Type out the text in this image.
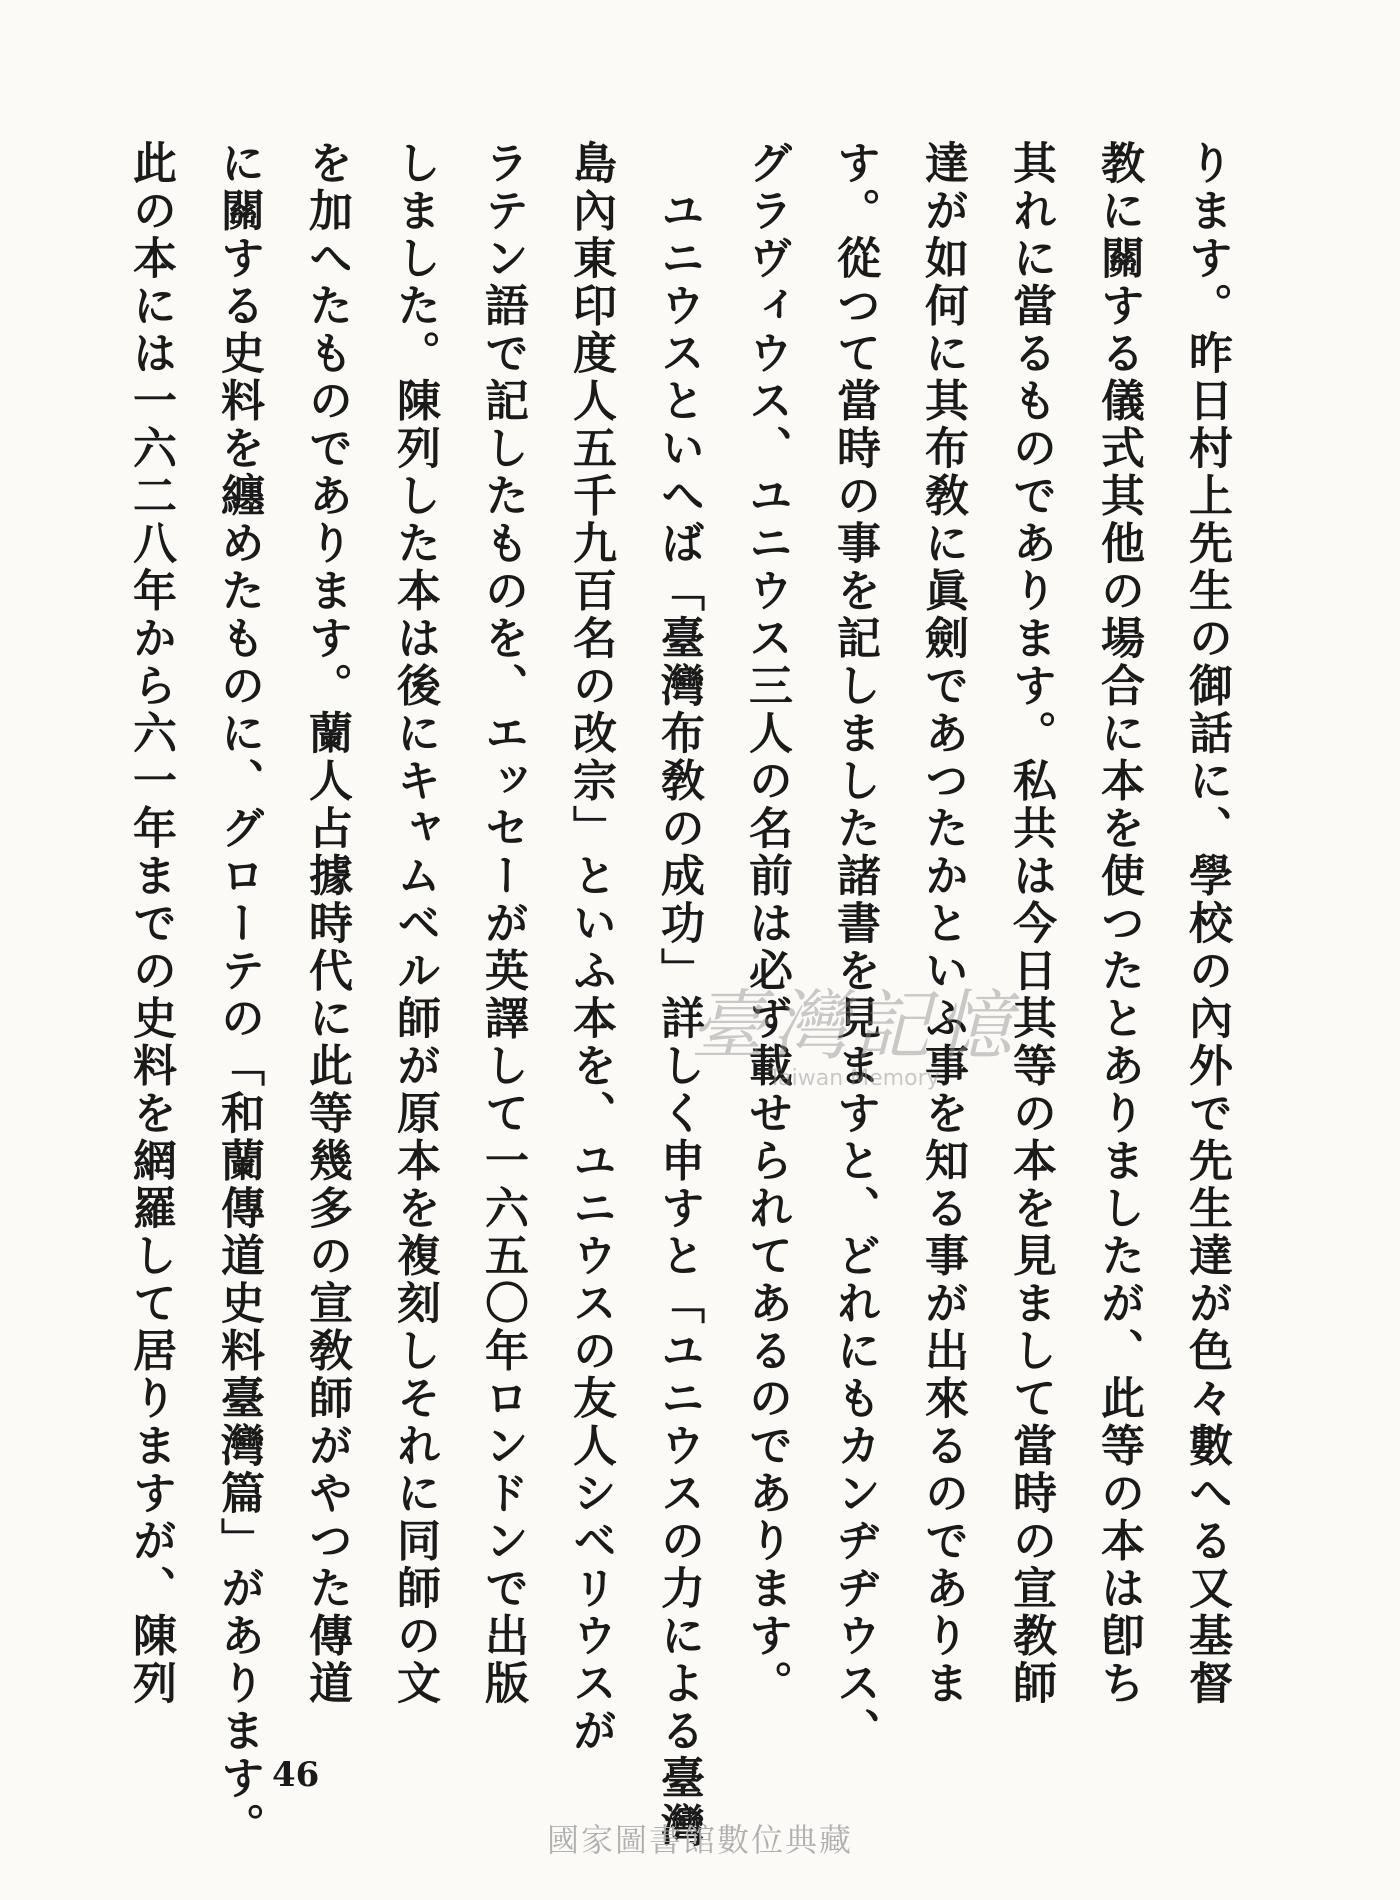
ります。昨日村上先生の御話に、學校の內外で先生達が色々數へる又基督
教に關する儀式其他の場合に本を使つたとありましたが、此等の本は卽ち
其れに當るものであります。私共は今日其等の本を見まして當時の宣教師
達が如何に其布敎に眞劍であつたかといふ事を知る事が出來るのでありま
す。從つて當時の事を記しました諸書を見ますと、どれにもカンヂヂウス、
グラヴィウス、ユニウス三人の名前は必ず載せられてあるのであります。
　ユニウスといへば「臺灣布敎の成功」詳しく申すと「ユニウスの力による臺灣
島內東印度人五千九百名の改宗」といふ本を、ユニウスの友人シベリウスが
ラテン語で記したものを、エッセーが英譯して一六五〇年ロンドンで出版
しました。陳列した本は後にキャムベル師が原本を複刻しそれに同師の文
を加へたものであります。蘭人占據時代に此等幾多の宣敎師がやつた傳道
に關する史料を纏めたものに、グローテの「和蘭傳道史料臺灣篇」があります。
此の本には一六二八年から六一年までの史料を網羅して居りますが、陳列	臺灣記憶
Taiwan Memory
46
國家圖書館數位典藏
